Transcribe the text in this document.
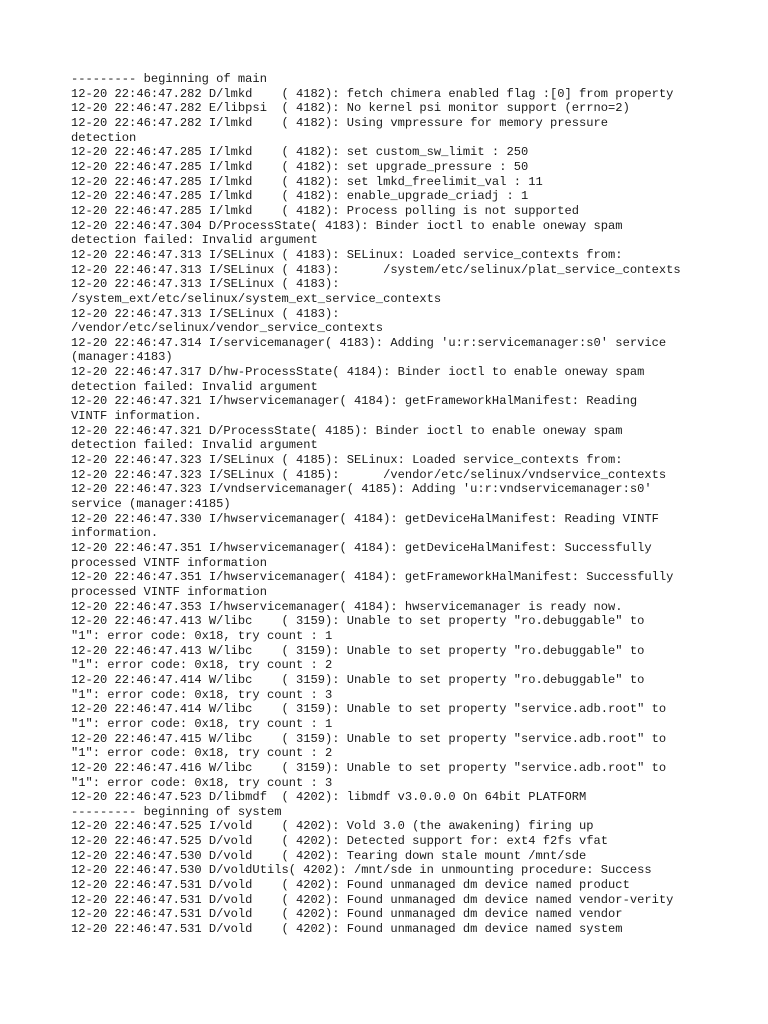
--------- beginning of main
12-20 22:46:47.282 D/lmkd    ( 4182): fetch chimera enabled flag :[0] from property
12-20 22:46:47.282 E/libpsi  ( 4182): No kernel psi monitor support (errno=2)
12-20 22:46:47.282 I/lmkd    ( 4182): Using vmpressure for memory pressure
detection
12-20 22:46:47.285 I/lmkd    ( 4182): set custom_sw_limit : 250
12-20 22:46:47.285 I/lmkd    ( 4182): set upgrade_pressure : 50
12-20 22:46:47.285 I/lmkd    ( 4182): set lmkd_freelimit_val : 11
12-20 22:46:47.285 I/lmkd    ( 4182): enable_upgrade_criadj : 1
12-20 22:46:47.285 I/lmkd    ( 4182): Process polling is not supported
12-20 22:46:47.304 D/ProcessState( 4183): Binder ioctl to enable oneway spam
detection failed: Invalid argument
12-20 22:46:47.313 I/SELinux ( 4183): SELinux: Loaded service_contexts from:
12-20 22:46:47.313 I/SELinux ( 4183):      /system/etc/selinux/plat_service_contexts
12-20 22:46:47.313 I/SELinux ( 4183):
/system_ext/etc/selinux/system_ext_service_contexts
12-20 22:46:47.313 I/SELinux ( 4183):
/vendor/etc/selinux/vendor_service_contexts
12-20 22:46:47.314 I/servicemanager( 4183): Adding 'u:r:servicemanager:s0' service
(manager:4183)
12-20 22:46:47.317 D/hw-ProcessState( 4184): Binder ioctl to enable oneway spam
detection failed: Invalid argument
12-20 22:46:47.321 I/hwservicemanager( 4184): getFrameworkHalManifest: Reading
VINTF information.
12-20 22:46:47.321 D/ProcessState( 4185): Binder ioctl to enable oneway spam
detection failed: Invalid argument
12-20 22:46:47.323 I/SELinux ( 4185): SELinux: Loaded service_contexts from:
12-20 22:46:47.323 I/SELinux ( 4185):      /vendor/etc/selinux/vndservice_contexts
12-20 22:46:47.323 I/vndservicemanager( 4185): Adding 'u:r:vndservicemanager:s0'
service (manager:4185)
12-20 22:46:47.330 I/hwservicemanager( 4184): getDeviceHalManifest: Reading VINTF
information.
12-20 22:46:47.351 I/hwservicemanager( 4184): getDeviceHalManifest: Successfully
processed VINTF information
12-20 22:46:47.351 I/hwservicemanager( 4184): getFrameworkHalManifest: Successfully
processed VINTF information
12-20 22:46:47.353 I/hwservicemanager( 4184): hwservicemanager is ready now.
12-20 22:46:47.413 W/libc    ( 3159): Unable to set property "ro.debuggable" to
"1": error code: 0x18, try count : 1
12-20 22:46:47.413 W/libc    ( 3159): Unable to set property "ro.debuggable" to
"1": error code: 0x18, try count : 2
12-20 22:46:47.414 W/libc    ( 3159): Unable to set property "ro.debuggable" to
"1": error code: 0x18, try count : 3
12-20 22:46:47.414 W/libc    ( 3159): Unable to set property "service.adb.root" to
"1": error code: 0x18, try count : 1
12-20 22:46:47.415 W/libc    ( 3159): Unable to set property "service.adb.root" to
"1": error code: 0x18, try count : 2
12-20 22:46:47.416 W/libc    ( 3159): Unable to set property "service.adb.root" to
"1": error code: 0x18, try count : 3
12-20 22:46:47.523 D/libmdf  ( 4202): libmdf v3.0.0.0 On 64bit PLATFORM
--------- beginning of system
12-20 22:46:47.525 I/vold    ( 4202): Vold 3.0 (the awakening) firing up
12-20 22:46:47.525 D/vold    ( 4202): Detected support for: ext4 f2fs vfat
12-20 22:46:47.530 D/vold    ( 4202): Tearing down stale mount /mnt/sde
12-20 22:46:47.530 D/voldUtils( 4202): /mnt/sde in unmounting procedure: Success
12-20 22:46:47.531 D/vold    ( 4202): Found unmanaged dm device named product
12-20 22:46:47.531 D/vold    ( 4202): Found unmanaged dm device named vendor-verity
12-20 22:46:47.531 D/vold    ( 4202): Found unmanaged dm device named vendor
12-20 22:46:47.531 D/vold    ( 4202): Found unmanaged dm device named system
